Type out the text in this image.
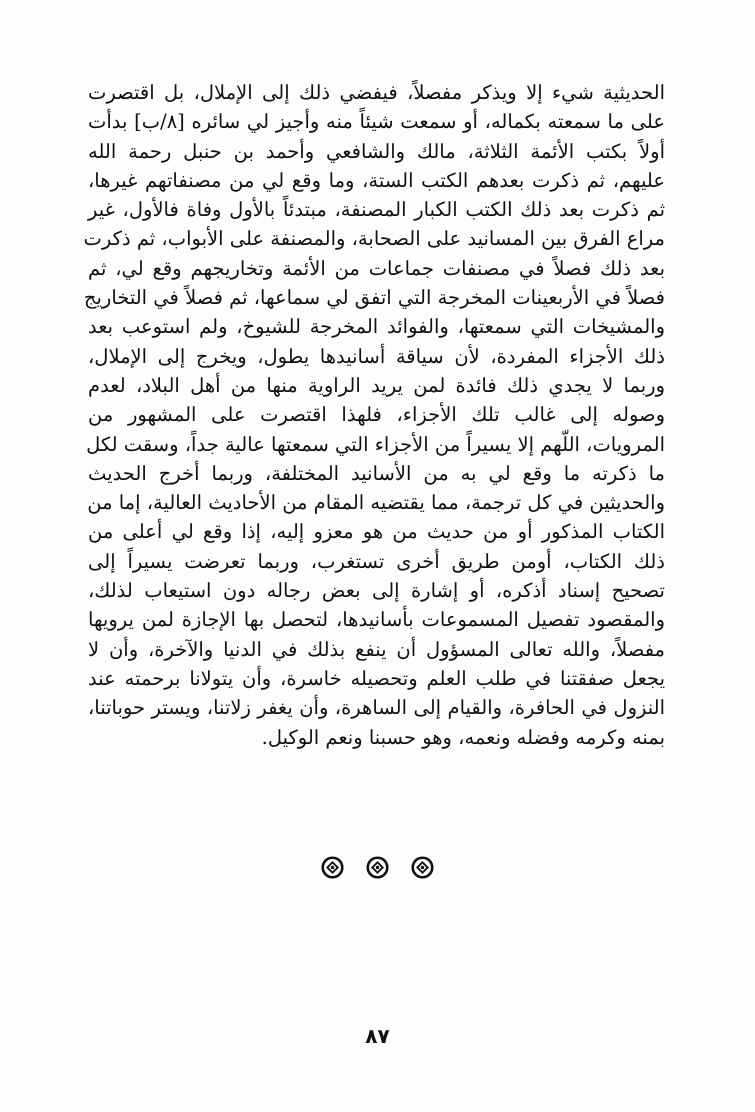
الحديثية شيء إلا ويذكر مفصلاً، فيفضي ذلك إلى الإملال، بل اقتصرت
على ما سمعته بكماله، أو سمعت شيئاً منه وأجيز لي سائره [٨/ب] بدأت
أولاً بكتب الأئمة الثلاثة، مالك والشافعي وأحمد بن حنبل رحمة الله
عليهم، ثم ذكرت بعدهم الكتب الستة، وما وقع لي من مصنفاتهم غيرها،
ثم ذكرت بعد ذلك الكتب الكبار المصنفة، مبتدئاً بالأول وفاة فالأول، غير
مراع الفرق بين المسانيد على الصحابة، والمصنفة على الأبواب، ثم ذكرت
بعد ذلك فصلاً في مصنفات جماعات من الأئمة وتخاريجهم وقع لي، ثم
فصلاً في الأربعينات المخرجة التي اتفق لي سماعها، ثم فصلاً في التخاريج
والمشيخات التي سمعتها، والفوائد المخرجة للشيوخ، ولم استوعب بعد
ذلك الأجزاء المفردة، لأن سياقة أسانيدها يطول، ويخرج إلى الإملال،
وربما لا يجدي ذلك فائدة لمن يريد الراوية منها من أهل البلاد، لعدم
وصوله إلى غالب تلك الأجزاء، فلهذا اقتصرت على المشهور من
المرويات، اللّهم إلا يسيراً من الأجزاء التي سمعتها عالية جداً، وسقت لكل
ما ذكرته ما وقع لي به من الأسانيد المختلفة، وربما أخرج الحديث
والحديثين في كل ترجمة، مما يقتضيه المقام من الأحاديث العالية، إما من
الكتاب المذكور أو من حديث من هو معزو إليه، إذا وقع لي أعلى من
ذلك الكتاب، أومن طريق أخرى تستغرب، وربما تعرضت يسيراً إلى
تصحيح إسناد أذكره، أو إشارة إلى بعض رجاله دون استيعاب لذلك،
والمقصود تفصيل المسموعات بأسانيدها، لتحصل بها الإجازة لمن يرويها
مفصلاً، والله تعالى المسؤول أن ينفع بذلك في الدنيا والآخرة، وأن لا
يجعل صفقتنا في طلب العلم وتحصيله خاسرة، وأن يتولانا برحمته عند
النزول في الحافرة، والقيام إلى الساهرة، وأن يغفر زلاتنا، ويستر حوباتنا،
بمنه وكرمه وفضله ونعمه، وهو حسبنا ونعم الوكيل.
٨٧
